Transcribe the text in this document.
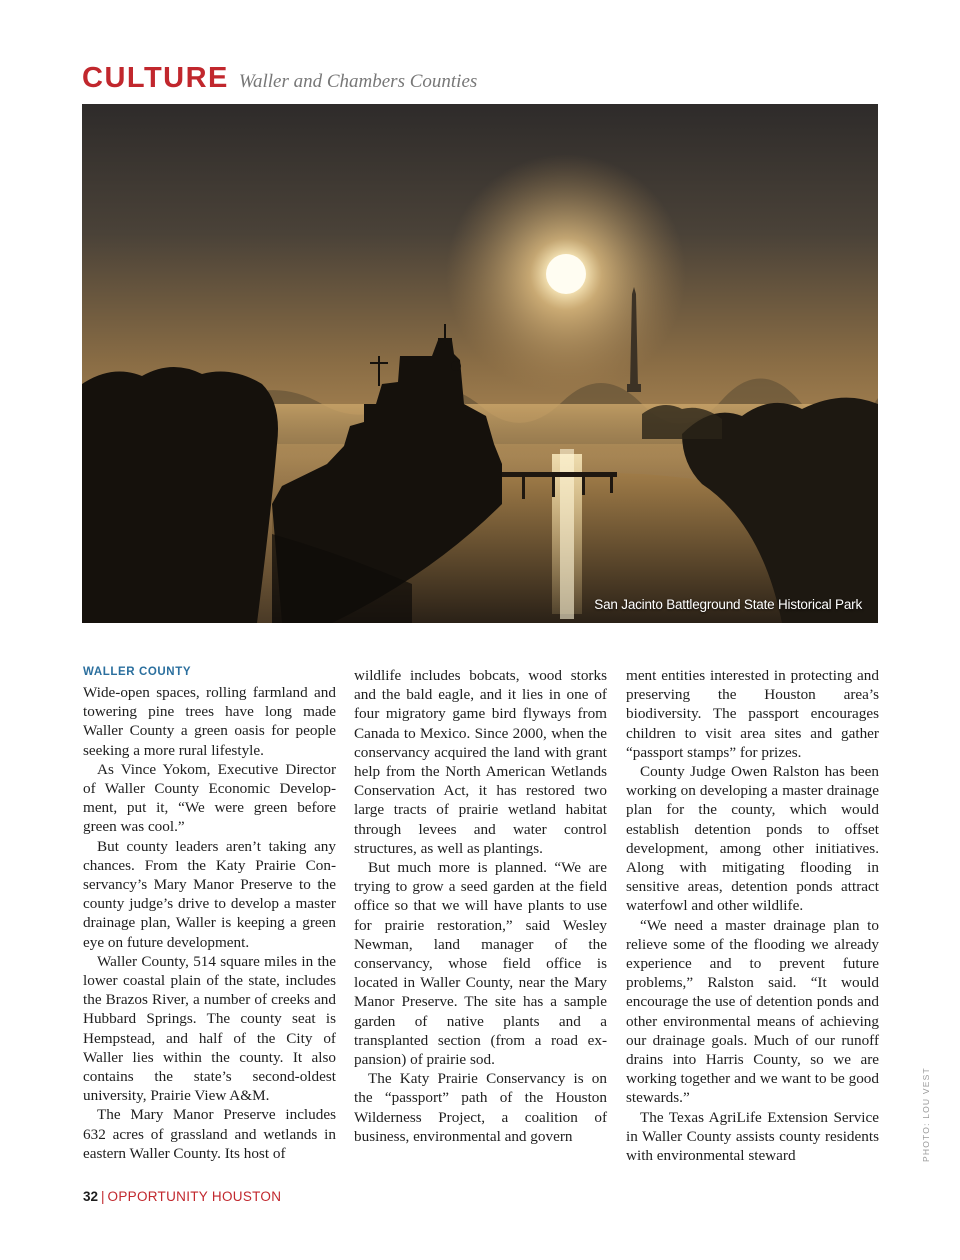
CULTURE Waller and Chambers Counties
San Jacinto Battleground State Historical Park
WALLER COUNTY

Wide-open spaces, rolling farmland and towering pine trees have long made Waller County a green oasis for people seeking a more rural lifestyle.

As Vince Yokom, Executive Director of Waller County Economic Development, put it, “We were green before green was cool.”

But county leaders aren’t taking any chances. From the Katy Prairie Conservancy’s Mary Manor Preserve to the county judge’s drive to develop a master drainage plan, Waller is keeping a green eye on future development.

Waller County, 514 square miles in the lower coastal plain of the state, includes the Brazos River, a number of creeks and Hubbard Springs. The county seat is Hempstead, and half of the City of Waller lies within the county. It also contains the state’s second-oldest university, Prairie View A&M.

The Mary Manor Preserve includes 632 acres of grassland and wetlands in eastern Waller County. Its host of

wildlife includes bobcats, wood storks and the bald eagle, and it lies in one of four migratory game bird flyways from Canada to Mexico. Since 2000, when the conservancy acquired the land with grant help from the North American Wetlands Conservation Act, it has restored two large tracts of prairie wetland habitat through levees and water control structures, as well as plantings.

But much more is planned. “We are trying to grow a seed garden at the field office so that we will have plants to use for prairie restoration,” said Wesley Newman, land manager of the conservancy, whose field office is located in Waller County, near the Mary Manor Preserve. The site has a sample garden of native plants and a transplanted section (from a road expansion) of prairie sod.

The Katy Prairie Conservancy is on the “passport” path of the Houston Wilderness Project, a coalition of business, environmental and govern

ment entities interested in protecting and preserving the Houston area’s biodiversity. The passport encourages children to visit area sites and gather “passport stamps” for prizes.

County Judge Owen Ralston has been working on developing a master drainage plan for the county, which would establish detention ponds to offset development, among other initiatives. Along with mitigating flooding in sensitive areas, detention ponds attract waterfowl and other wildlife.

“We need a master drainage plan to relieve some of the flooding we already experience and to prevent future problems,” Ralston said. “It would encourage the use of detention ponds and other environmental means of achieving our drainage goals. Much of our runoff drains into Harris County, so we are working together and we want to be good stewards.”

The Texas AgriLife Extension Service in Waller County assists county residents with environmental steward	PHOTO: LOU VEST
32 | OPPORTUNITY HOUSTON
